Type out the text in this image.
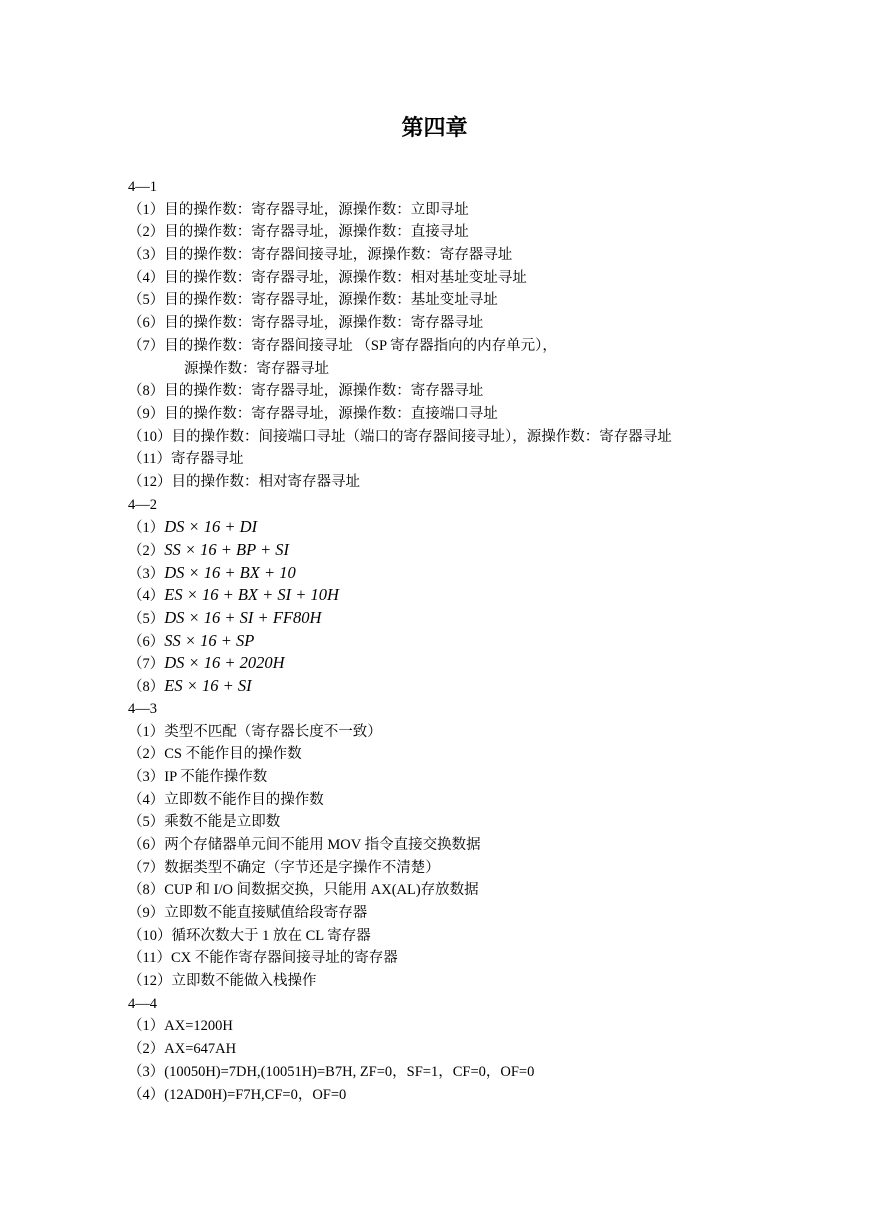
第四章
4—1
（1）目的操作数：寄存器寻址，源操作数：立即寻址
（2）目的操作数：寄存器寻址，源操作数：直接寻址
（3）目的操作数：寄存器间接寻址，源操作数：寄存器寻址
（4）目的操作数：寄存器寻址，源操作数：相对基址变址寻址
（5）目的操作数：寄存器寻址，源操作数：基址变址寻址
（6）目的操作数：寄存器寻址，源操作数：寄存器寻址
（7）目的操作数：寄存器间接寻址 （SP 寄存器指向的内存单元），
源操作数：寄存器寻址
（8）目的操作数：寄存器寻址，源操作数：寄存器寻址
（9）目的操作数：寄存器寻址，源操作数：直接端口寻址
（10）目的操作数：间接端口寻址（端口的寄存器间接寻址），源操作数：寄存器寻址
（11）寄存器寻址
（12）目的操作数：相对寄存器寻址
4—2
（1）DS × 16 + DI
（2）SS × 16 + BP + SI
（3）DS × 16 + BX + 10
（4）ES × 16 + BX + SI + 10H
（5）DS × 16 + SI + FF80H
（6）SS × 16 + SP
（7）DS × 16 + 2020H
（8）ES × 16 + SI
4—3
（1）类型不匹配（寄存器长度不一致）
（2）CS 不能作目的操作数
（3）IP 不能作操作数
（4）立即数不能作目的操作数
（5）乘数不能是立即数
（6）两个存储器单元间不能用 MOV 指令直接交换数据
（7）数据类型不确定（字节还是字操作不清楚）
（8）CUP 和 I/O 间数据交换，只能用 AX(AL)存放数据
（9）立即数不能直接赋值给段寄存器
（10）循环次数大于 1 放在 CL 寄存器
（11）CX 不能作寄存器间接寻址的寄存器
（12）立即数不能做入栈操作
4—4
（1）AX=1200H
（2）AX=647AH
（3）(10050H)=7DH,(10051H)=B7H, ZF=0，SF=1，CF=0，OF=0
（4）(12AD0H)=F7H,CF=0，OF=0
